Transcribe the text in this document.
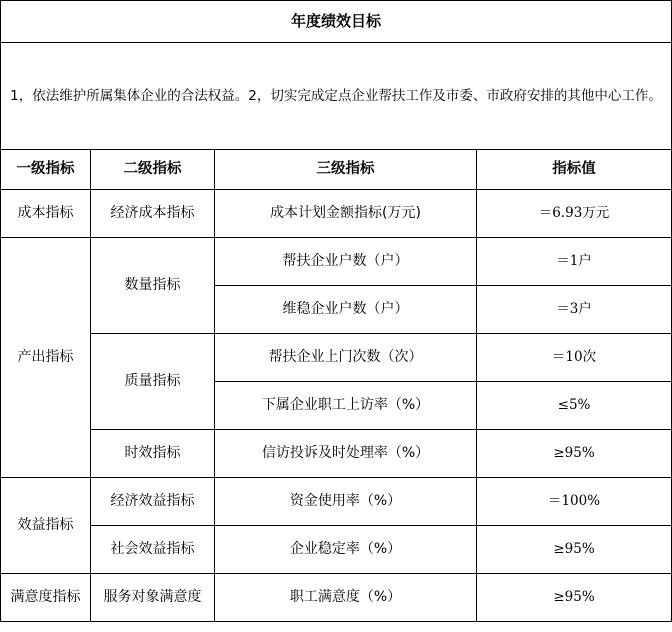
年度绩效目标			
1，依法维护所属集体企业的合法权益。2，切实完成定点企业帮扶工作及市委、市政府安排的其他中心工作。			
一级指标	二级指标	三级指标	指标值
成本指标	经济成本指标	成本计划金额指标(万元)	＝6.93万元
产出指标	数量指标	帮扶企业户数（户）	＝1户
		维稳企业户数（户）	＝3户
	质量指标	帮扶企业上门次数（次）	＝10次
		下属企业职工上访率（%）	≤5%
	时效指标	信访投诉及时处理率（%）	≥95%
效益指标	经济效益指标	资金使用率（%）	＝100%
	社会效益指标	企业稳定率（%）	≥95%
满意度指标	服务对象满意度	职工满意度（%）	≥95%
